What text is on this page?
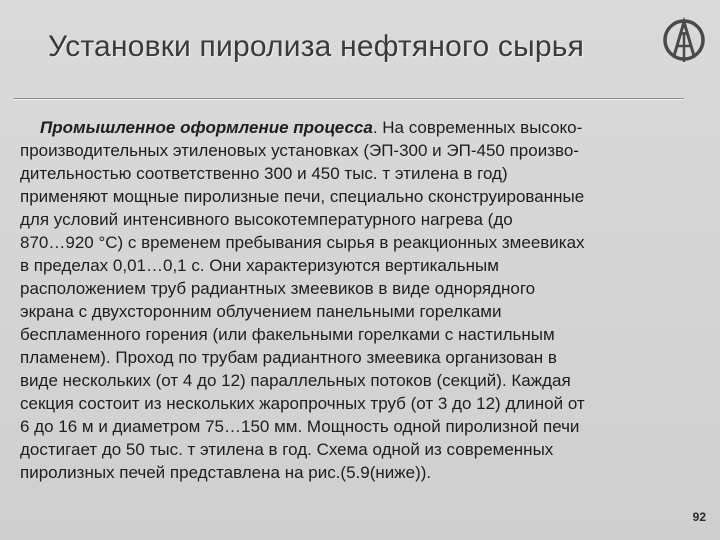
Установки пиролиза нефтяного сырья
Промышленное оформление процесса. На современных высоко-
производительных этиленовых установках (ЭП-300 и ЭП-450 произво-
дительностью соответственно 300 и 450 тыс. т этилена в год)
применяют мощные пиролизные печи, специально сконструированные
для условий интенсивного высокотемпературного нагрева (до
870…920 °С) с временем пребывания сырья в реакционных змеевиках
в пределах 0,01…0,1 с. Они характеризуются вертикальным
расположением труб радиантных змеевиков в виде однорядного
экрана с двухсторонним облучением панельными горелками
беспламенного горения (или факельными горелками с настильным
пламенем). Проход по трубам радиантного змеевика организован в
виде нескольких (от 4 до 12) параллельных потоков (секций). Каждая
секция состоит из нескольких жаропрочных труб (от 3 до 12) длиной от
6 до 16 м и диаметром 75…150 мм. Мощность одной пиролизной печи
достигает до 50 тыс. т этилена в год. Схема одной из современных
пиролизных печей представлена на рис.(5.9(ниже)).
92
